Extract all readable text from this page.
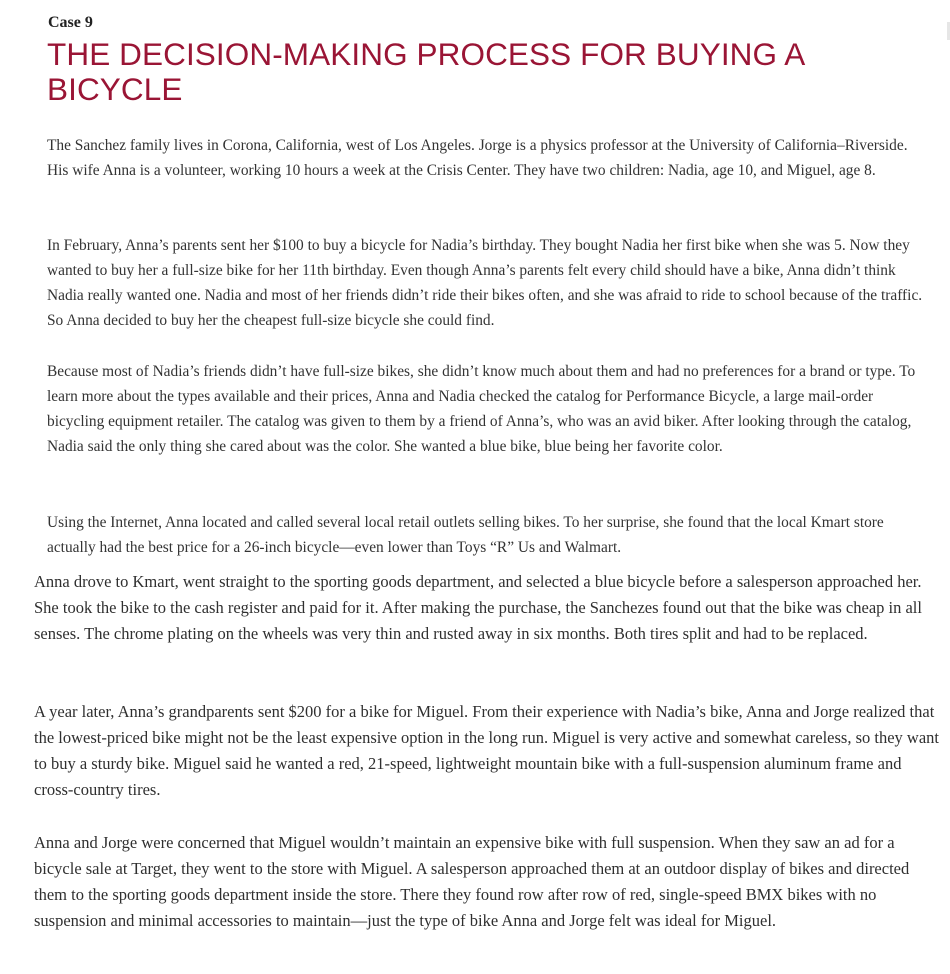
Case 9
THE DECISION-MAKING PROCESS FOR BUYING A BICYCLE

The Sanchez family lives in Corona, California, west of Los Angeles. Jorge is a physics professor at the University of California–Riverside. His wife Anna is a volunteer, working 10 hours a week at the Crisis Center. They have two children: Nadia, age 10, and Miguel, age 8.

In February, Anna’s parents sent her $100 to buy a bicycle for Nadia’s birthday. They bought Nadia her first bike when she was 5. Now they wanted to buy her a full-size bike for her 11th birthday. Even though Anna’s parents felt every child should have a bike, Anna didn’t think Nadia really wanted one. Nadia and most of her friends didn’t ride their bikes often, and she was afraid to ride to school because of the traffic. So Anna decided to buy her the cheapest full-size bicycle she could find.

Because most of Nadia’s friends didn’t have full-size bikes, she didn’t know much about them and had no preferences for a brand or type. To learn more about the types available and their prices, Anna and Nadia checked the catalog for Performance Bicycle, a large mail-order bicycling equipment retailer. The catalog was given to them by a friend of Anna’s, who was an avid biker. After looking through the catalog, Nadia said the only thing she cared about was the color. She wanted a blue bike, blue being her favorite color.

Using the Internet, Anna located and called several local retail outlets selling bikes. To her surprise, she found that the local Kmart store actually had the best price for a 26-inch bicycle—even lower than Toys “R” Us and Walmart.

Anna drove to Kmart, went straight to the sporting goods department, and selected a blue bicycle before a salesperson approached her. She took the bike to the cash register and paid for it. After making the purchase, the Sanchezes found out that the bike was cheap in all senses. The chrome plating on the wheels was very thin and rusted away in six months. Both tires split and had to be replaced.

A year later, Anna’s grandparents sent $200 for a bike for Miguel. From their experience with Nadia’s bike, Anna and Jorge realized that the lowest-priced bike might not be the least expensive option in the long run. Miguel is very active and somewhat careless, so they want to buy a sturdy bike. Miguel said he wanted a red, 21-speed, lightweight mountain bike with a full-suspension aluminum frame and cross-country tires.

Anna and Jorge were concerned that Miguel wouldn’t maintain an expensive bike with full suspension. When they saw an ad for a bicycle sale at Target, they went to the store with Miguel. A salesperson approached them at an outdoor display of bikes and directed them to the sporting goods department inside the store. There they found row after row of red, single-speed BMX bikes with no suspension and minimal accessories to maintain—just the type of bike Anna and Jorge felt was ideal for Miguel.
